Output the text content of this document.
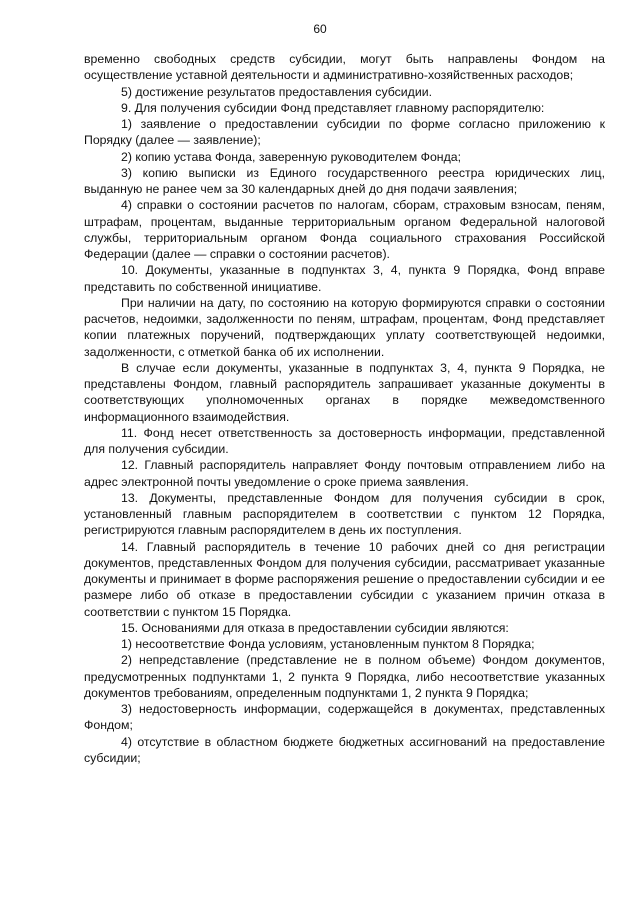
60

временно свободных средств субсидии, могут быть направлены Фондом на осуществление уставной деятельности и административно-хозяйственных расходов;

5) достижение результатов предоставления субсидии.

9. Для получения субсидии Фонд представляет главному распорядителю:

1) заявление о предоставлении субсидии по форме согласно приложению к Порядку (далее — заявление);

2) копию устава Фонда, заверенную руководителем Фонда;

3) копию выписки из Единого государственного реестра юридических лиц, выданную не ранее чем за 30 календарных дней до дня подачи заявления;

4) справки о состоянии расчетов по налогам, сборам, страховым взносам, пеням, штрафам, процентам, выданные территориальным органом Федеральной налоговой службы, территориальным органом Фонда социального страхования Российской Федерации (далее — справки о состоянии расчетов).

10. Документы, указанные в подпунктах 3, 4, пункта 9 Порядка, Фонд вправе представить по собственной инициативе.

При наличии на дату, по состоянию на которую формируются справки о состоянии расчетов, недоимки, задолженности по пеням, штрафам, процентам, Фонд представляет копии платежных поручений, подтверждающих уплату соответствующей недоимки, задолженности, с отметкой банка об их исполнении.

В случае если документы, указанные в подпунктах 3, 4, пункта 9 Порядка, не представлены Фондом, главный распорядитель запрашивает указанные документы в соответствующих уполномоченных органах в порядке межведомственного информационного взаимодействия.

11. Фонд несет ответственность за достоверность информации, представленной для получения субсидии.

12. Главный распорядитель направляет Фонду почтовым отправлением либо на адрес электронной почты уведомление о сроке приема заявления.

13. Документы, представленные Фондом для получения субсидии в срок, установленный главным распорядителем в соответствии с пунктом 12 Порядка, регистрируются главным распорядителем в день их поступления.

14. Главный распорядитель в течение 10 рабочих дней со дня регистрации документов, представленных Фондом для получения субсидии, рассматривает указанные документы и принимает в форме распоряжения решение о предоставлении субсидии и ее размере либо об отказе в предоставлении субсидии с указанием причин отказа в соответствии с пунктом 15 Порядка.

15. Основаниями для отказа в предоставлении субсидии являются:

1) несоответствие Фонда условиям, установленным пунктом 8 Порядка;

2) непредставление (представление не в полном объеме) Фондом документов, предусмотренных подпунктами 1, 2 пункта 9 Порядка, либо несоответствие указанных документов требованиям, определенным подпунктами 1, 2 пункта 9 Порядка;

3) недостоверность информации, содержащейся в документах, представленных Фондом;

4) отсутствие в областном бюджете бюджетных ассигнований на предоставление субсидии;
